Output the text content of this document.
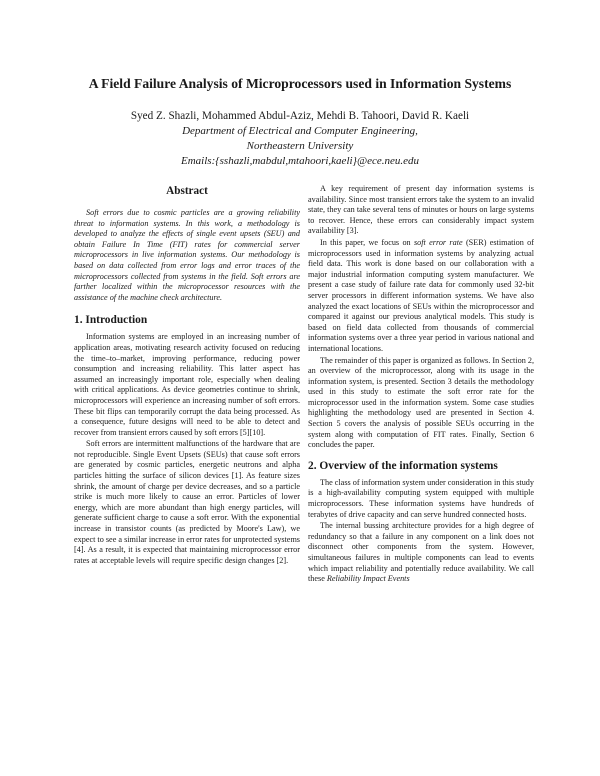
A Field Failure Analysis of Microprocessors used in Information Systems
Syed Z. Shazli, Mohammed Abdul-Aziz, Mehdi B. Tahoori, David R. Kaeli
Department of Electrical and Computer Engineering,
Northeastern University
Emails:{sshazli,mabdul,mtahoori,kaeli}@ece.neu.edu
Abstract

Soft errors due to cosmic particles are a growing reliability threat to information systems. In this work, a methodology is developed to analyze the effects of single event upsets (SEU) and obtain Failure In Time (FIT) rates for commercial server microprocessors in live information systems. Our methodology is based on data collected from error logs and error traces of the microprocessors collected from systems in the field. Soft errors are farther localized within the microprocessor resources with the assistance of the machine check architecture.

1. Introduction

Information systems are employed in an increasing number of application areas, motivating research activity focused on reducing the time–to–market, improving performance, reducing power consumption and increasing reliability. This latter aspect has assumed an increasingly important role, especially when dealing with critical applications. As device geometries continue to shrink, microprocessors will experience an increasing number of soft errors. These bit flips can temporarily corrupt the data being processed. As a consequence, future designs will need to be able to detect and recover from transient errors caused by soft errors [5][10].

Soft errors are intermittent malfunctions of the hardware that are not reproducible. Single Event Upsets (SEUs) that cause soft errors are generated by cosmic particles, energetic neutrons and alpha particles hitting the surface of silicon devices [1]. As feature sizes shrink, the amount of charge per device decreases, and so a particle strike is much more likely to cause an error. Particles of lower energy, which are more abundant than high energy particles, will generate sufficient charge to cause a soft error. With the exponential increase in transistor counts (as predicted by Moore's Law), we expect to see a similar increase in error rates for unprotected systems [4]. As a result, it is expected that maintaining microprocessor error rates at acceptable levels will require specific design changes [2].

A key requirement of present day information systems is availability. Since most transient errors take the system to an invalid state, they can take several tens of minutes or hours on large systems to recover. Hence, these errors can considerably impact system availability [3].

In this paper, we focus on soft error rate (SER) estimation of microprocessors used in information systems by analyzing actual field data. This work is done based on our collaboration with a major industrial information computing system manufacturer. We present a case study of failure rate data for commonly used 32-bit server processors in different information systems. We have also analyzed the exact locations of SEUs within the microprocessor and compared it against our previous analytical models. This study is based on field data collected from thousands of commercial information systems over a three year period in various national and international locations.

The remainder of this paper is organized as follows. In Section 2, an overview of the microprocessor, along with its usage in the information system, is presented. Section 3 details the methodology used in this study to estimate the soft error rate for the microprocessor used in the information system. Some case studies highlighting the methodology used are presented in Section 4. Section 5 covers the analysis of possible SEUs occurring in the system along with computation of FIT rates. Finally, Section 6 concludes the paper.

2. Overview of the information systems

The class of information system under consideration in this study is a high-availability computing system equipped with multiple microprocessors. These information systems have hundreds of terabytes of drive capacity and can serve hundred connected hosts.

The internal bussing architecture provides for a high degree of redundancy so that a failure in any component on a link does not disconnect other components from the system. However, simultaneous failures in multiple components can lead to events which impact reliability and potentially reduce availability. We call these Reliability Impact Events
